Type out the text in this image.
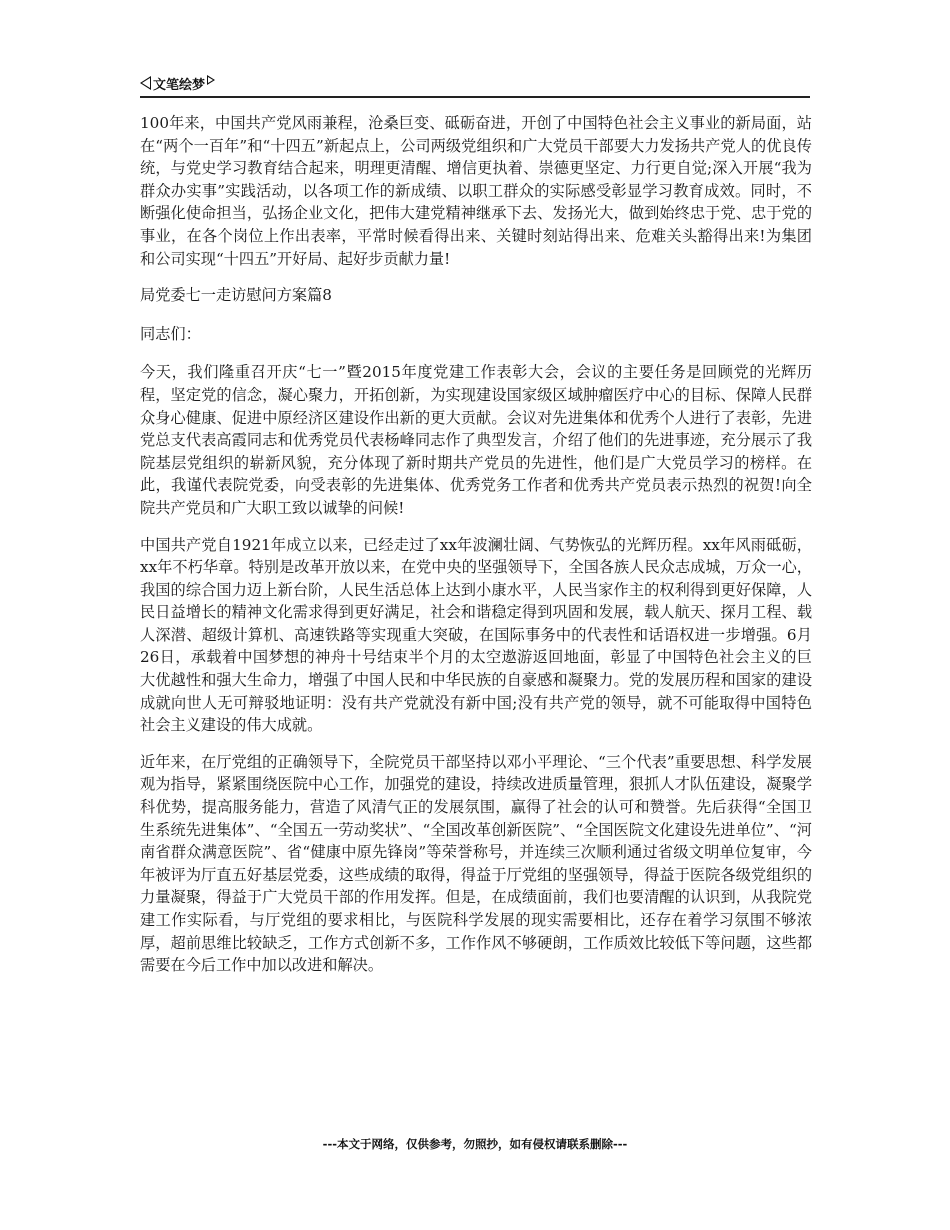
文笔绘梦

100年来，中国共产党风雨兼程，沧桑巨变、砥砺奋进，开创了中国特色社会主义事业的新局面，站在“两个一百年”和“十四五”新起点上，公司两级党组织和广大党员干部要大力发扬共产党人的优良传统，与党史学习教育结合起来，明理更清醒、增信更执着、崇德更坚定、力行更自觉;深入开展“我为群众办实事”实践活动，以各项工作的新成绩、以职工群众的实际感受彰显学习教育成效。同时，不断强化使命担当，弘扬企业文化，把伟大建党精神继承下去、发扬光大，做到始终忠于党、忠于党的事业，在各个岗位上作出表率，平常时候看得出来、关键时刻站得出来、危难关头豁得出来!为集团和公司实现“十四五”开好局、起好步贡献力量!

局党委七一走访慰问方案篇8

同志们：

今天，我们隆重召开庆“七一”暨2015年度党建工作表彰大会，会议的主要任务是回顾党的光辉历程，坚定党的信念，凝心聚力，开拓创新，为实现建设国家级区域肿瘤医疗中心的目标、保障人民群众身心健康、促进中原经济区建设作出新的更大贡献。会议对先进集体和优秀个人进行了表彰，先进党总支代表高霞同志和优秀党员代表杨峰同志作了典型发言，介绍了他们的先进事迹，充分展示了我院基层党组织的崭新风貌，充分体现了新时期共产党员的先进性，他们是广大党员学习的榜样。在此，我谨代表院党委，向受表彰的先进集体、优秀党务工作者和优秀共产党员表示热烈的祝贺!向全院共产党员和广大职工致以诚挚的问候!

中国共产党自1921年成立以来，已经走过了xx年波澜壮阔、气势恢弘的光辉历程。xx年风雨砥砺，xx年不朽华章。特别是改革开放以来，在党中央的坚强领导下，全国各族人民众志成城，万众一心，我国的综合国力迈上新台阶，人民生活总体上达到小康水平，人民当家作主的权利得到更好保障，人民日益增长的精神文化需求得到更好满足，社会和谐稳定得到巩固和发展，载人航天、探月工程、载人深潜、超级计算机、高速铁路等实现重大突破，在国际事务中的代表性和话语权进一步增强。6月26日，承载着中国梦想的神舟十号结束半个月的太空遨游返回地面，彰显了中国特色社会主义的巨大优越性和强大生命力，增强了中国人民和中华民族的自豪感和凝聚力。党的发展历程和国家的建设成就向世人无可辩驳地证明：没有共产党就没有新中国;没有共产党的领导，就不可能取得中国特色社会主义建设的伟大成就。

近年来，在厅党组的正确领导下，全院党员干部坚持以邓小平理论、“三个代表”重要思想、科学发展观为指导，紧紧围绕医院中心工作，加强党的建设，持续改进质量管理，狠抓人才队伍建设，凝聚学科优势，提高服务能力，营造了风清气正的发展氛围，赢得了社会的认可和赞誉。先后获得“全国卫生系统先进集体”、“全国五一劳动奖状”、“全国改革创新医院”、“全国医院文化建设先进单位”、“河南省群众满意医院”、省“健康中原先锋岗”等荣誉称号，并连续三次顺利通过省级文明单位复审，今年被评为厅直五好基层党委，这些成绩的取得，得益于厅党组的坚强领导，得益于医院各级党组织的力量凝聚，得益于广大党员干部的作用发挥。但是，在成绩面前，我们也要清醒的认识到，从我院党建工作实际看，与厅党组的要求相比，与医院科学发展的现实需要相比，还存在着学习氛围不够浓厚，超前思维比较缺乏，工作方式创新不多，工作作风不够硬朗，工作质效比较低下等问题，这些都需要在今后工作中加以改进和解决。

---本文于网络，仅供参考，勿照抄，如有侵权请联系删除---
